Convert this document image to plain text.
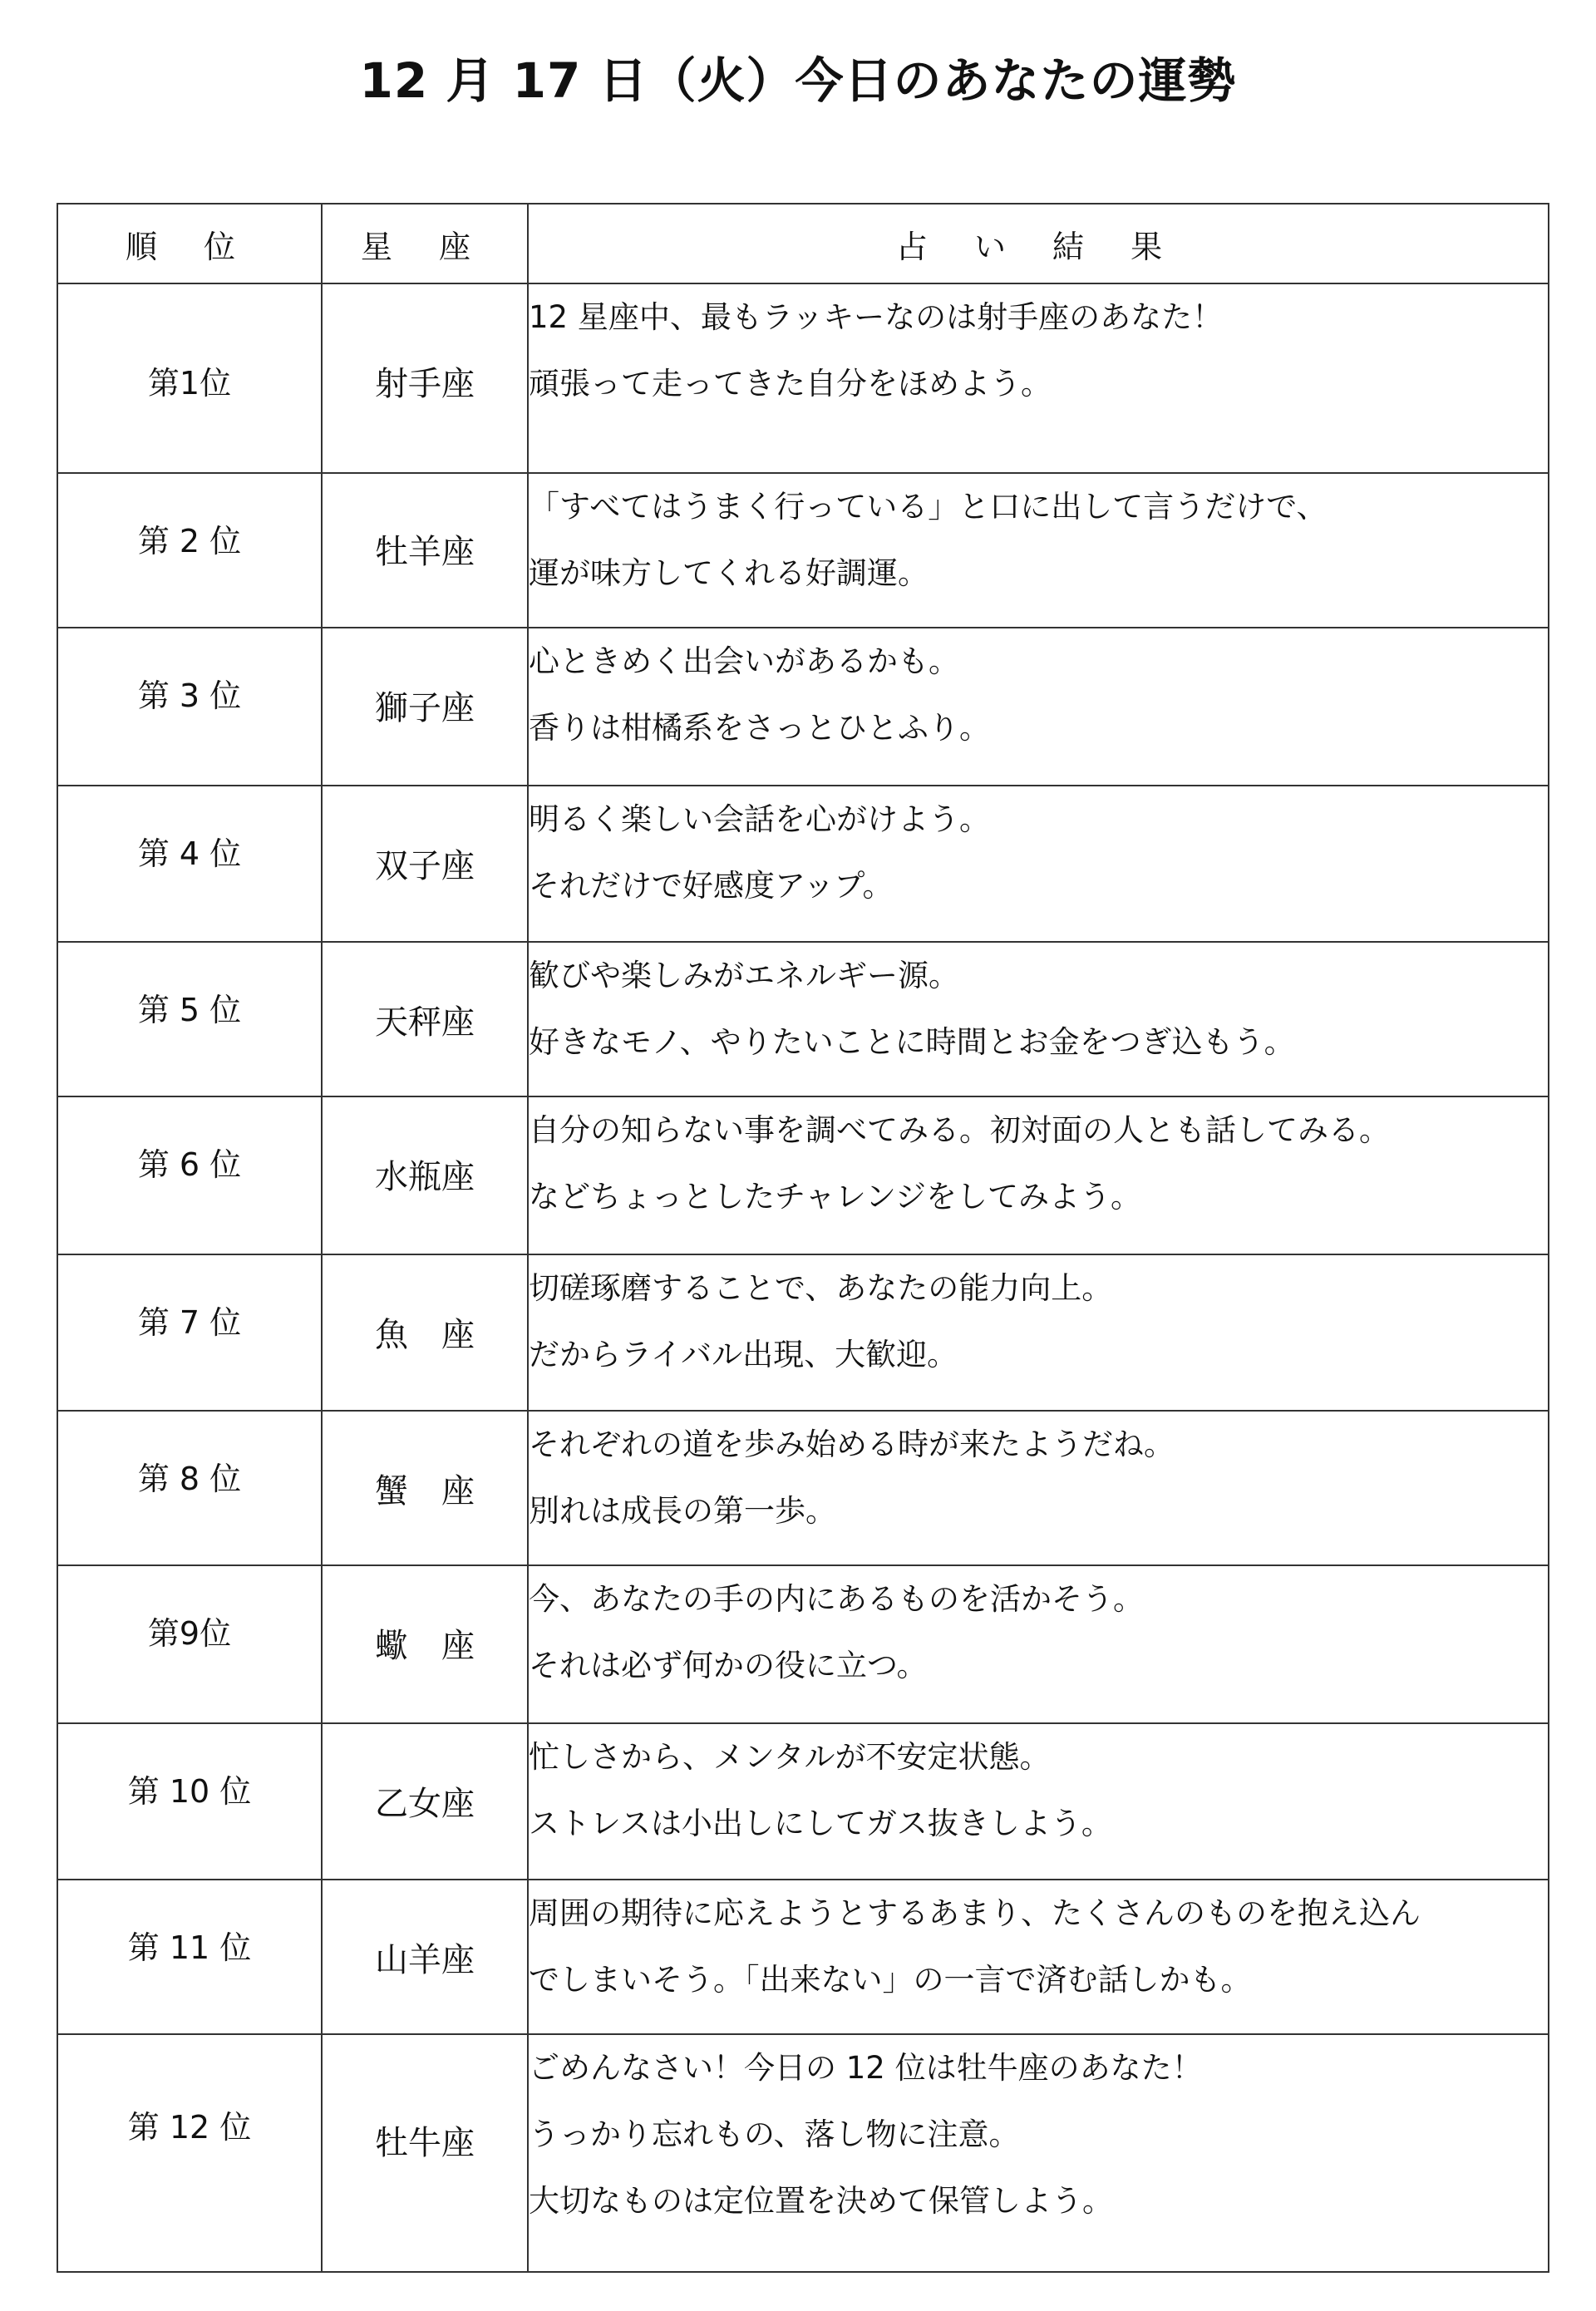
12 月 17 日（火）今日のあなたの運勢
順 位	星 座	占 い 結 果
第1位	射手座	12 星座中、最もラッキーなのは射手座のあなた！
頑張って走ってきた自分をほめよう。

第 2 位	牡羊座	「すべてはうまく行っている」と口に出して言うだけで、
運が味方してくれる好調運。

第 3 位	獅子座	心ときめく出会いがあるかも。
香りは柑橘系をさっとひとふり。

第 4 位	双子座	明るく楽しい会話を心がけよう。
それだけで好感度アップ。

第 5 位	天秤座	歓びや楽しみがエネルギー源。
好きなモノ、やりたいことに時間とお金をつぎ込もう。

第 6 位	水瓶座	自分の知らない事を調べてみる。初対面の人とも話してみる。
などちょっとしたチャレンジをしてみよう。

第 7 位	魚　座	切磋琢磨することで、あなたの能力向上。
だからライバル出現、大歓迎。

第 8 位	蟹　座	それぞれの道を歩み始める時が来たようだね。
別れは成長の第一歩。

第9位	蠍　座	今、あなたの手の内にあるものを活かそう。
それは必ず何かの役に立つ。

第 10 位	乙女座	忙しさから、メンタルが不安定状態。
ストレスは小出しにしてガス抜きしよう。

第 11 位	山羊座	周囲の期待に応えようとするあまり、たくさんのものを抱え込ん
でしまいそう。「出来ない」の一言で済む話しかも。

第 12 位	牡牛座	ごめんなさい！今日の 12 位は牡牛座のあなた！
うっかり忘れもの、落し物に注意。
大切なものは定位置を決めて保管しよう。
